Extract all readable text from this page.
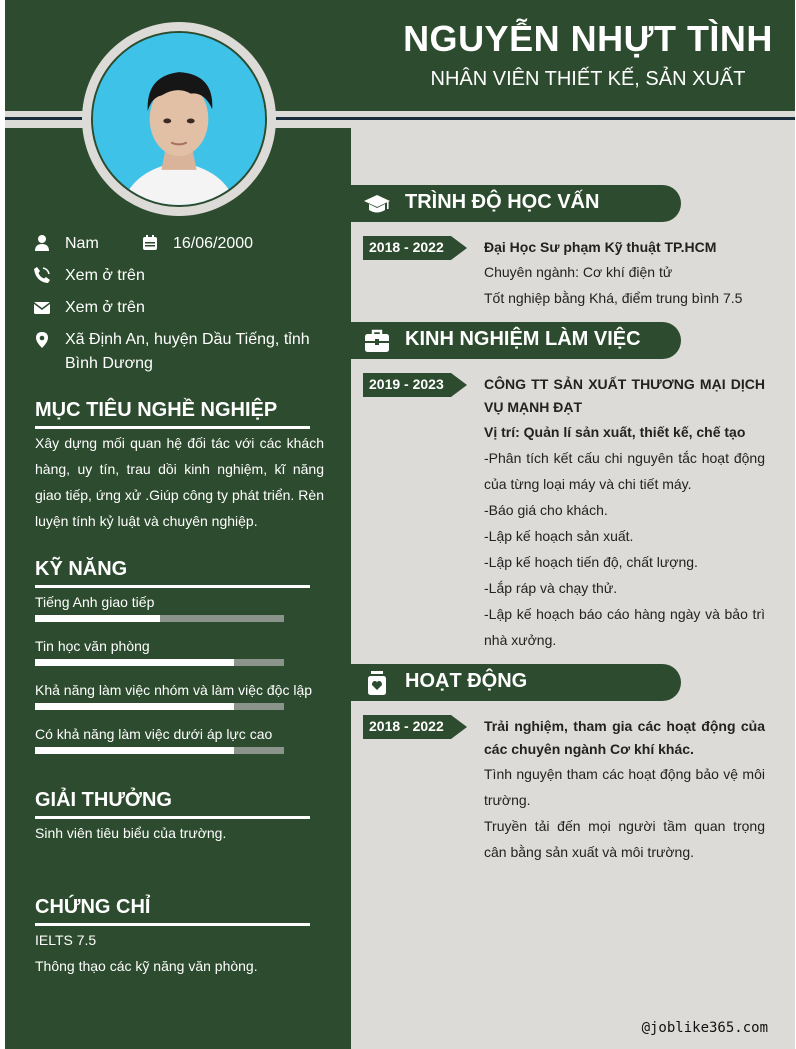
NGUYỄN NHỰT TÌNH
NHÂN VIÊN THIẾT KẾ, SẢN XUẤT
Nam	16/06/2000
Xem ở trên
Xem ở trên
Xã Định An, huyện Dầu Tiếng, tỉnh Bình Dương
MỤC TIÊU NGHỀ NGHIỆP
Xây dựng mối quan hệ đối tác với các khách hàng, uy tín, trau dồi kinh nghiệm, kĩ năng giao tiếp, ứng xử .Giúp công ty phát triển. Rèn luyện tính kỷ luật và chuyên nghiệp.
KỸ NĂNG
Tiếng Anh giao tiếp
Tin học văn phòng
Khả năng làm việc nhóm và làm việc độc lập
Có khả năng làm việc dưới áp lực cao
GIẢI THƯỞNG
Sinh viên tiêu biểu của trường.
CHỨNG CHỈ
IELTS 7.5
Thông thạo các kỹ năng văn phòng.
TRÌNH ĐỘ HỌC VẤN
2018 - 2022	Đại Học Sư phạm Kỹ thuật TP.HCM
Chuyên ngành: Cơ khí điện tử
Tốt nghiệp bằng Khá, điểm trung bình 7.5
KINH NGHIỆM LÀM VIỆC
2019 - 2023	CÔNG TT SẢN XUẤT THƯƠNG MẠI DỊCH VỤ MẠNH ĐẠT
Vị trí: Quản lí sản xuất, thiết kế, chế tạo
-Phân tích kết cấu chi nguyên tắc hoạt động của từng loại máy và chi tiết máy.
-Báo giá cho khách.
-Lập kế hoạch sản xuất.
-Lập kế hoạch tiến độ, chất lượng.
-Lắp ráp và chạy thử.
-Lập kế hoạch báo cáo hàng ngày và bảo trì nhà xưởng.
HOẠT ĐỘNG
2018 - 2022	Trải nghiệm, tham gia các hoạt động của các chuyên ngành Cơ khí khác.
Tình nguyện tham các hoạt động bảo vệ môi trường.
Truyền tải đến mọi người tầm quan trọng cân bằng sản xuất và môi trường.
@joblike365.com
